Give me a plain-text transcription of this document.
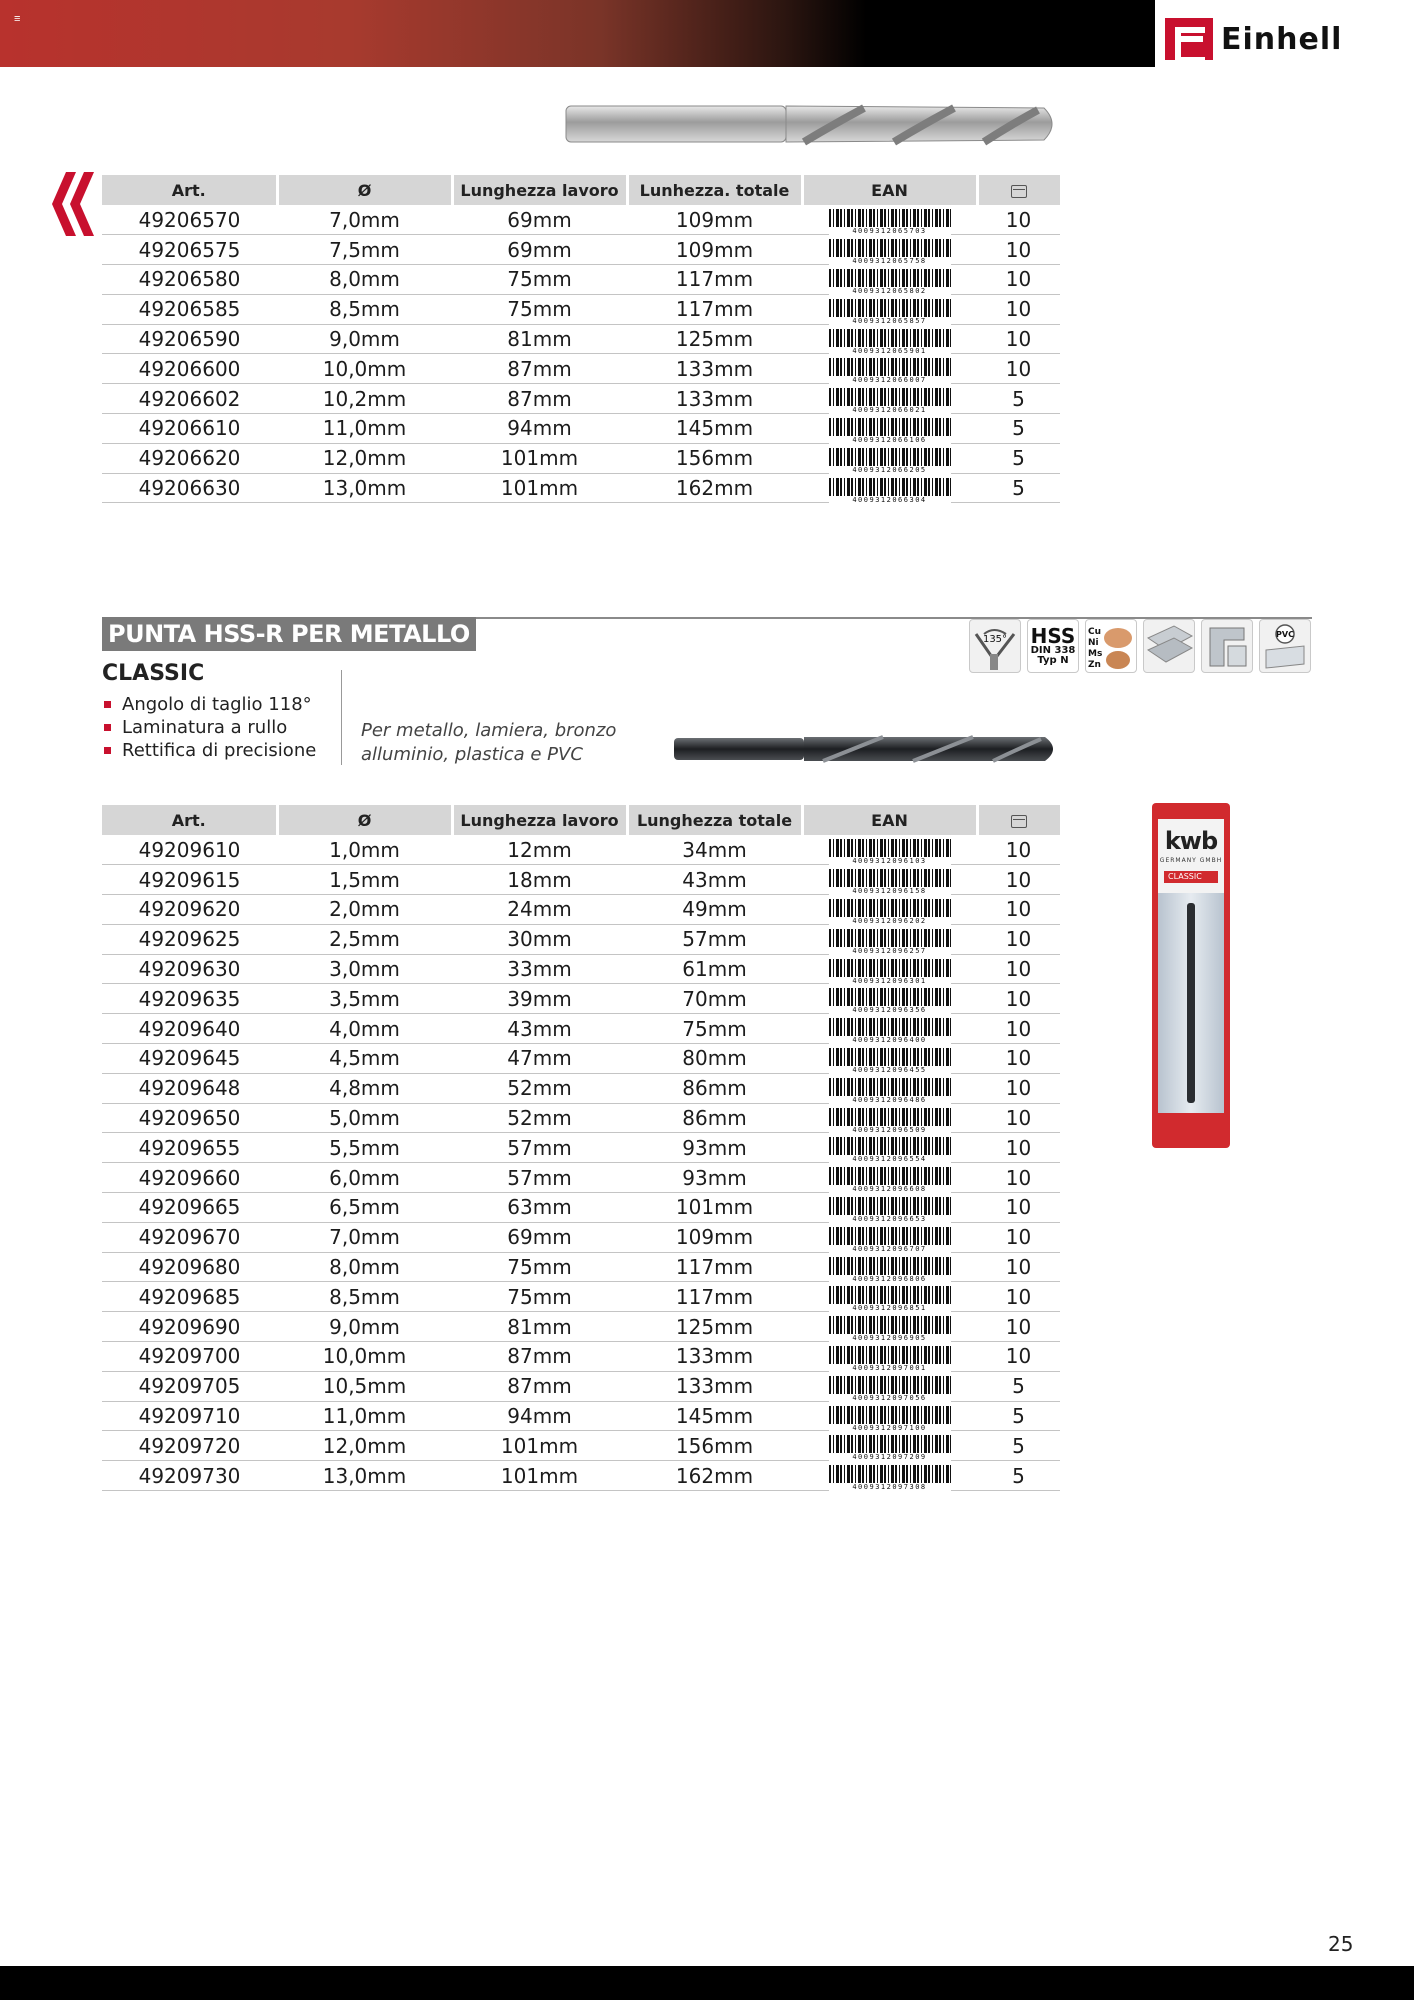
≡
Einhell
Art.	Ø	Lunghezza lavoro	Lunhezza. totale	EAN	
49206570	7,0mm	69mm	109mm	4009312065703	10
49206575	7,5mm	69mm	109mm	4009312065758	10
49206580	8,0mm	75mm	117mm	4009312065802	10
49206585	8,5mm	75mm	117mm	4009312065857	10
49206590	9,0mm	81mm	125mm	4009312065901	10
49206600	10,0mm	87mm	133mm	4009312066007	10
49206602	10,2mm	87mm	133mm	4009312066021	5
49206610	11,0mm	94mm	145mm	4009312066106	5
49206620	12,0mm	101mm	156mm	4009312066205	5
49206630	13,0mm	101mm	162mm	4009312066304	5
PUNTA HSS-R PER METALLO
CLASSIC
Angolo di taglio 118°
Laminatura a rullo
Rettifica di precisione
Per metallo, lamiera, bronzo
alluminio, plastica e PVC
135° HSS
DIN 338
Typ N
Cu
Ni
Ms
Zn
PVC
Art.	Ø	Lunghezza lavoro	Lunghezza totale	EAN	
49209610	1,0mm	12mm	34mm	4009312096103	10
49209615	1,5mm	18mm	43mm	4009312096158	10
49209620	2,0mm	24mm	49mm	4009312096202	10
49209625	2,5mm	30mm	57mm	4009312096257	10
49209630	3,0mm	33mm	61mm	4009312096301	10
49209635	3,5mm	39mm	70mm	4009312096356	10
49209640	4,0mm	43mm	75mm	4009312096400	10
49209645	4,5mm	47mm	80mm	4009312096455	10
49209648	4,8mm	52mm	86mm	4009312096486	10
49209650	5,0mm	52mm	86mm	4009312096509	10
49209655	5,5mm	57mm	93mm	4009312096554	10
49209660	6,0mm	57mm	93mm	4009312096608	10
49209665	6,5mm	63mm	101mm	4009312096653	10
49209670	7,0mm	69mm	109mm	4009312096707	10
49209680	8,0mm	75mm	117mm	4009312096806	10
49209685	8,5mm	75mm	117mm	4009312096851	10
49209690	9,0mm	81mm	125mm	4009312096905	10
49209700	10,0mm	87mm	133mm	4009312097001	10
49209705	10,5mm	87mm	133mm	4009312097056	5
49209710	11,0mm	94mm	145mm	4009312097100	5
49209720	12,0mm	101mm	156mm	4009312097209	5
49209730	13,0mm	101mm	162mm	4009312097308	5
kwb
GERMANY GMBH
CLASSIC
25
